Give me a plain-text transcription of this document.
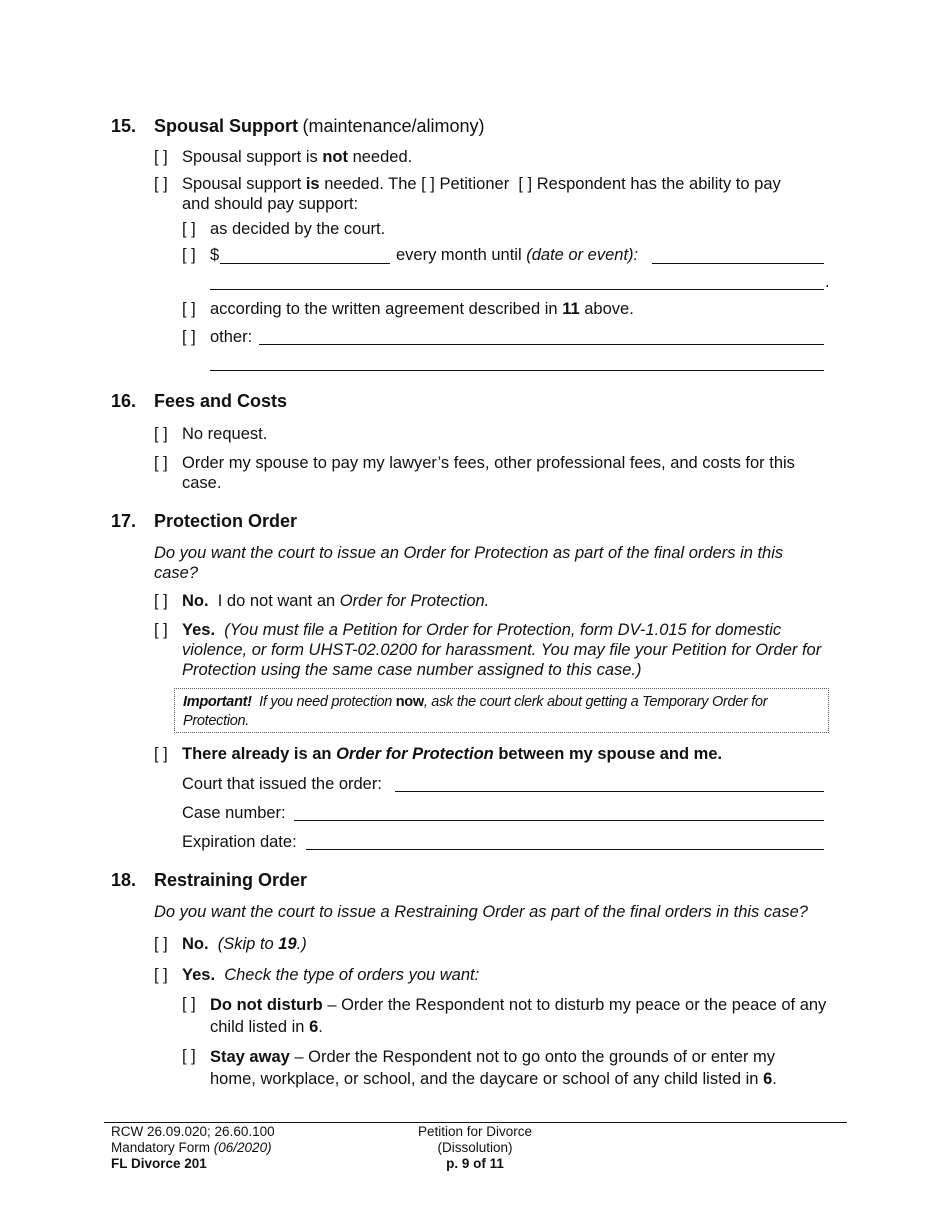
15. Spousal Support (maintenance/alimony)
[ ] Spousal support is not needed.
[ ] Spousal support is needed. The [ ] Petitioner [ ] Respondent has the ability to pay
and should pay support:
[ ] as decided by the court.
[ ] $	every month until (date or event):
.
[ ] according to the written agreement described in 11 above.
[ ] other:
16. Fees and Costs
[ ] No request.
[ ] Order my spouse to pay my lawyer’s fees, other professional fees, and costs for this case.
17. Protection Order
Do you want the court to issue an Order for Protection as part of the final orders in this case?
[ ] No. I do not want an Order for Protection.
[ ] Yes. (You must file a Petition for Order for Protection, form DV-1.015 for domestic violence, or form UHST-02.0200 for harassment. You may file your Petition for Order for Protection using the same case number assigned to this case.)
Important! If you need protection now, ask the court clerk about getting a Temporary Order for Protection.
[ ] There already is an Order for Protection between my spouse and me.
Court that issued the order:
Case number:
Expiration date:
18. Restraining Order
Do you want the court to issue a Restraining Order as part of the final orders in this case?
[ ] No. (Skip to 19.)
[ ] Yes. Check the type of orders you want:
[ ] Do not disturb – Order the Respondent not to disturb my peace or the peace of any child listed in 6.
[ ] Stay away – Order the Respondent not to go onto the grounds of or enter my home, workplace, or school, and the daycare or school of any child listed in 6.
RCW 26.09.020; 26.60.100
Mandatory Form (06/2020)
FL Divorce 201
Petition for Divorce
(Dissolution)
p. 9 of 11
